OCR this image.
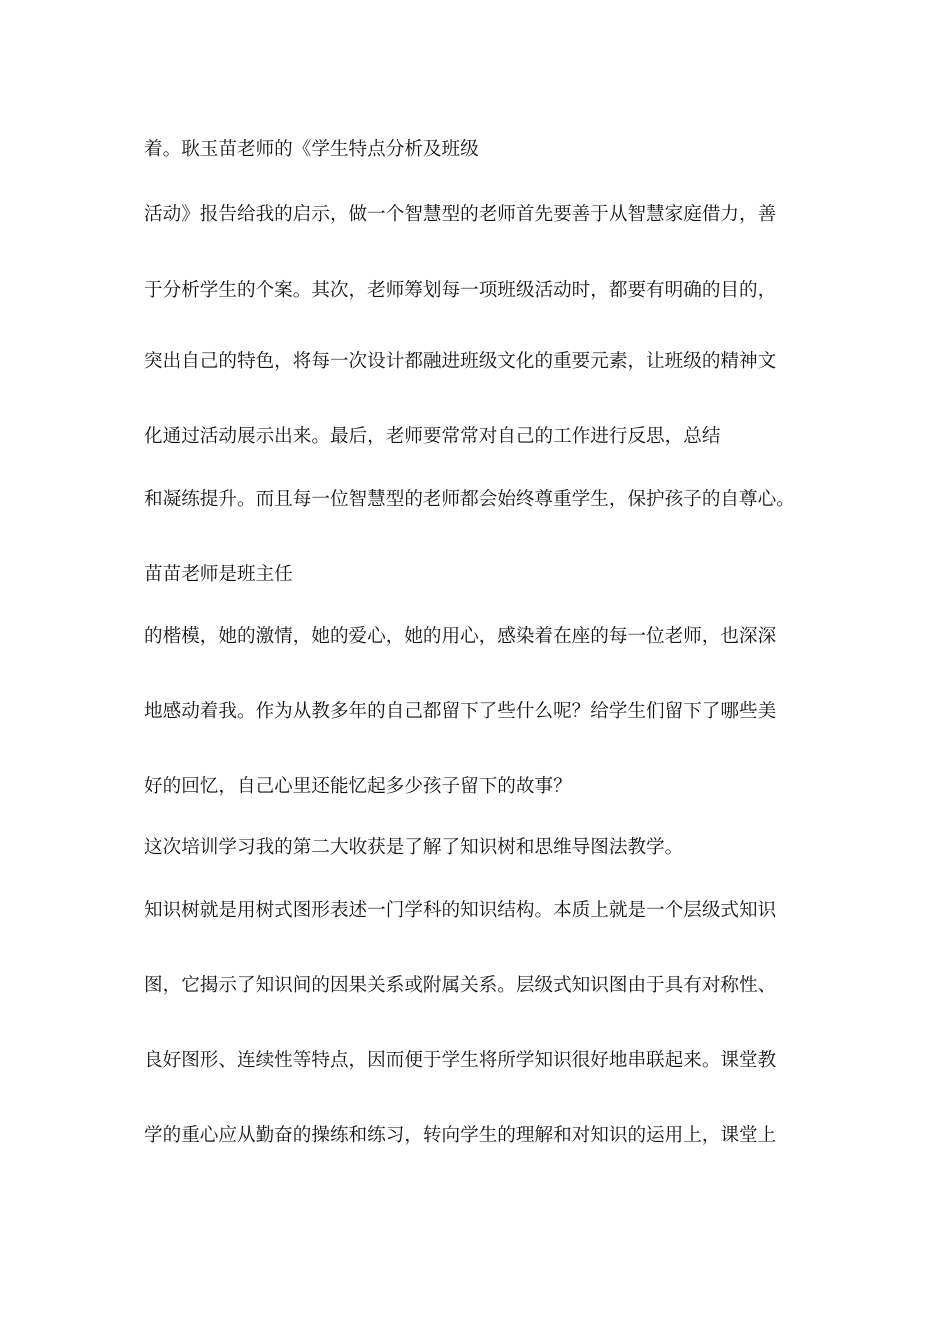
着。耿玉苗老师的《学生特点分析及班级

活动》报告给我的启示，做一个智慧型的老师首先要善于从智慧家庭借力，善

于分析学生的个案。其次，老师筹划每一项班级活动时，都要有明确的目的，

突出自己的特色，将每一次设计都融进班级文化的重要元素，让班级的精神文

化通过活动展示出来。最后，老师要常常对自己的工作进行反思，总结

和凝练提升。而且每一位智慧型的老师都会始终尊重学生，保护孩子的自尊心。

苗苗老师是班主任

的楷模，她的激情，她的爱心，她的用心，感染着在座的每一位老师，也深深

地感动着我。作为从教多年的自己都留下了些什么呢？给学生们留下了哪些美

好的回忆，自己心里还能忆起多少孩子留下的故事？

这次培训学习我的第二大收获是了解了知识树和思维导图法教学。

知识树就是用树式图形表述一门学科的知识结构。本质上就是一个层级式知识

图，它揭示了知识间的因果关系或附属关系。层级式知识图由于具有对称性、

良好图形、连续性等特点，因而便于学生将所学知识很好地串联起来。课堂教

学的重心应从勤奋的操练和练习，转向学生的理解和对知识的运用上，课堂上
